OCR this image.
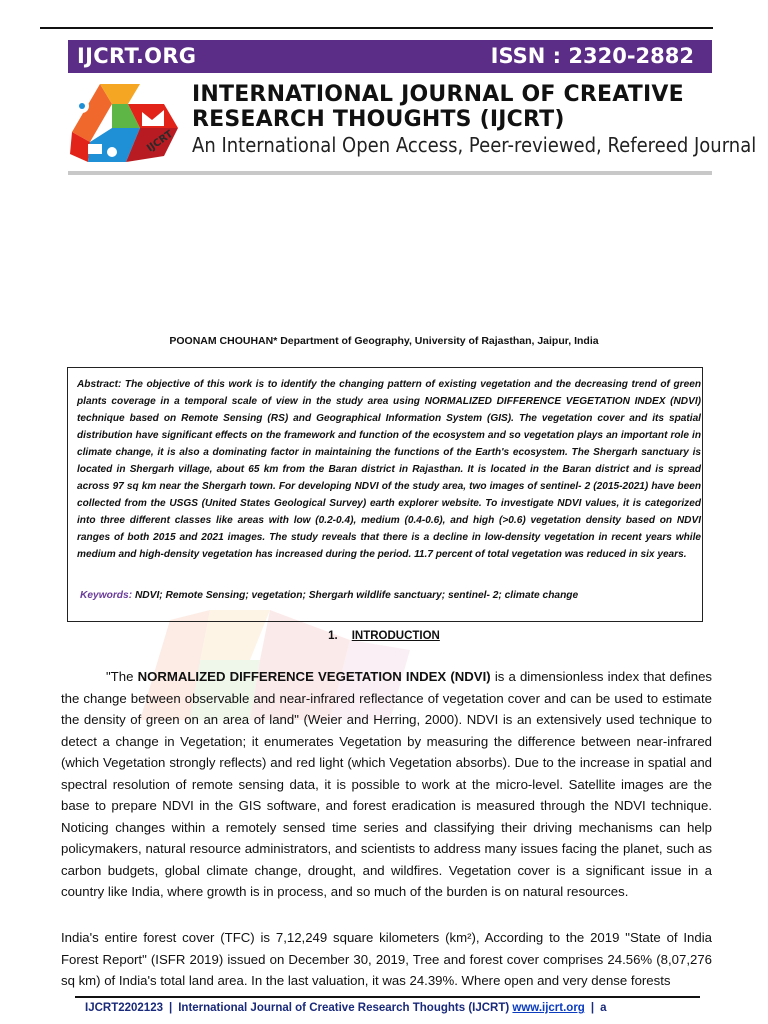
IJCRT.ORG	ISSN : 2320-2882
IJCRT
INTERNATIONAL JOURNAL OF CREATIVE
RESEARCH THOUGHTS (IJCRT)
An International Open Access, Peer-reviewed, Refereed Journal
POONAM CHOUHAN* Department of Geography, University of Rajasthan, Jaipur, India
Abstract: The objective of this work is to identify the changing pattern of existing vegetation and the decreasing trend of green plants coverage in a temporal scale of view in the study area using NORMALIZED DIFFERENCE VEGETATION INDEX (NDVI) technique based on Remote Sensing (RS) and Geographical Information System (GIS). The vegetation cover and its spatial distribution have significant effects on the framework and function of the ecosystem and so vegetation plays an important role in climate change, it is also a dominating factor in maintaining the functions of the Earth's ecosystem. The Shergarh sanctuary is located in Shergarh village, about 65 km from the Baran district in Rajasthan. It is located in the Baran district and is spread across 97 sq km near the Shergarh town. For developing NDVI of the study area, two images of sentinel- 2 (2015-2021) have been collected from the USGS (United States Geological Survey) earth explorer website. To investigate NDVI values, it is categorized into three different classes like areas with low (0.2-0.4), medium (0.4-0.6), and high (>0.6) vegetation density based on NDVI ranges of both 2015 and 2021 images. The study reveals that there is a decline in low-density vegetation in recent years while medium and high-density vegetation has increased during the period. 11.7 percent of total vegetation was reduced in six years.
Keywords: NDVI; Remote Sensing; vegetation; Shergarh wildlife sanctuary; sentinel- 2; climate change
1. INTRODUCTION
"The NORMALIZED DIFFERENCE VEGETATION INDEX (NDVI) is a dimensionless index that defines the change between observable and near-infrared reflectance of vegetation cover and can be used to estimate the density of green on an area of land" (Weier and Herring, 2000). NDVI is an extensively used technique to detect a change in Vegetation; it enumerates Vegetation by measuring the difference between near-infrared (which Vegetation strongly reflects) and red light (which Vegetation absorbs). Due to the increase in spatial and spectral resolution of remote sensing data, it is possible to work at the micro-level. Satellite images are the base to prepare NDVI in the GIS software, and forest eradication is measured through the NDVI technique. Noticing changes within a remotely sensed time series and classifying their driving mechanisms can help policymakers, natural resource administrators, and scientists to address many issues facing the planet, such as carbon budgets, global climate change, drought, and wildfires. Vegetation cover is a significant issue in a country like India, where growth is in process, and so much of the burden is on natural resources.
India's entire forest cover (TFC) is 7,12,249 square kilometers (km²), According to the 2019 "State of India Forest Report" (ISFR 2019) issued on December 30, 2019, Tree and forest cover comprises 24.56% (8,07,276 sq km) of India's total land area. In the last valuation, it was 24.39%. Where open and very dense forests
IJCRT2202123 | International Journal of Creative Research Thoughts (IJCRT) www.ijcrt.org | a
